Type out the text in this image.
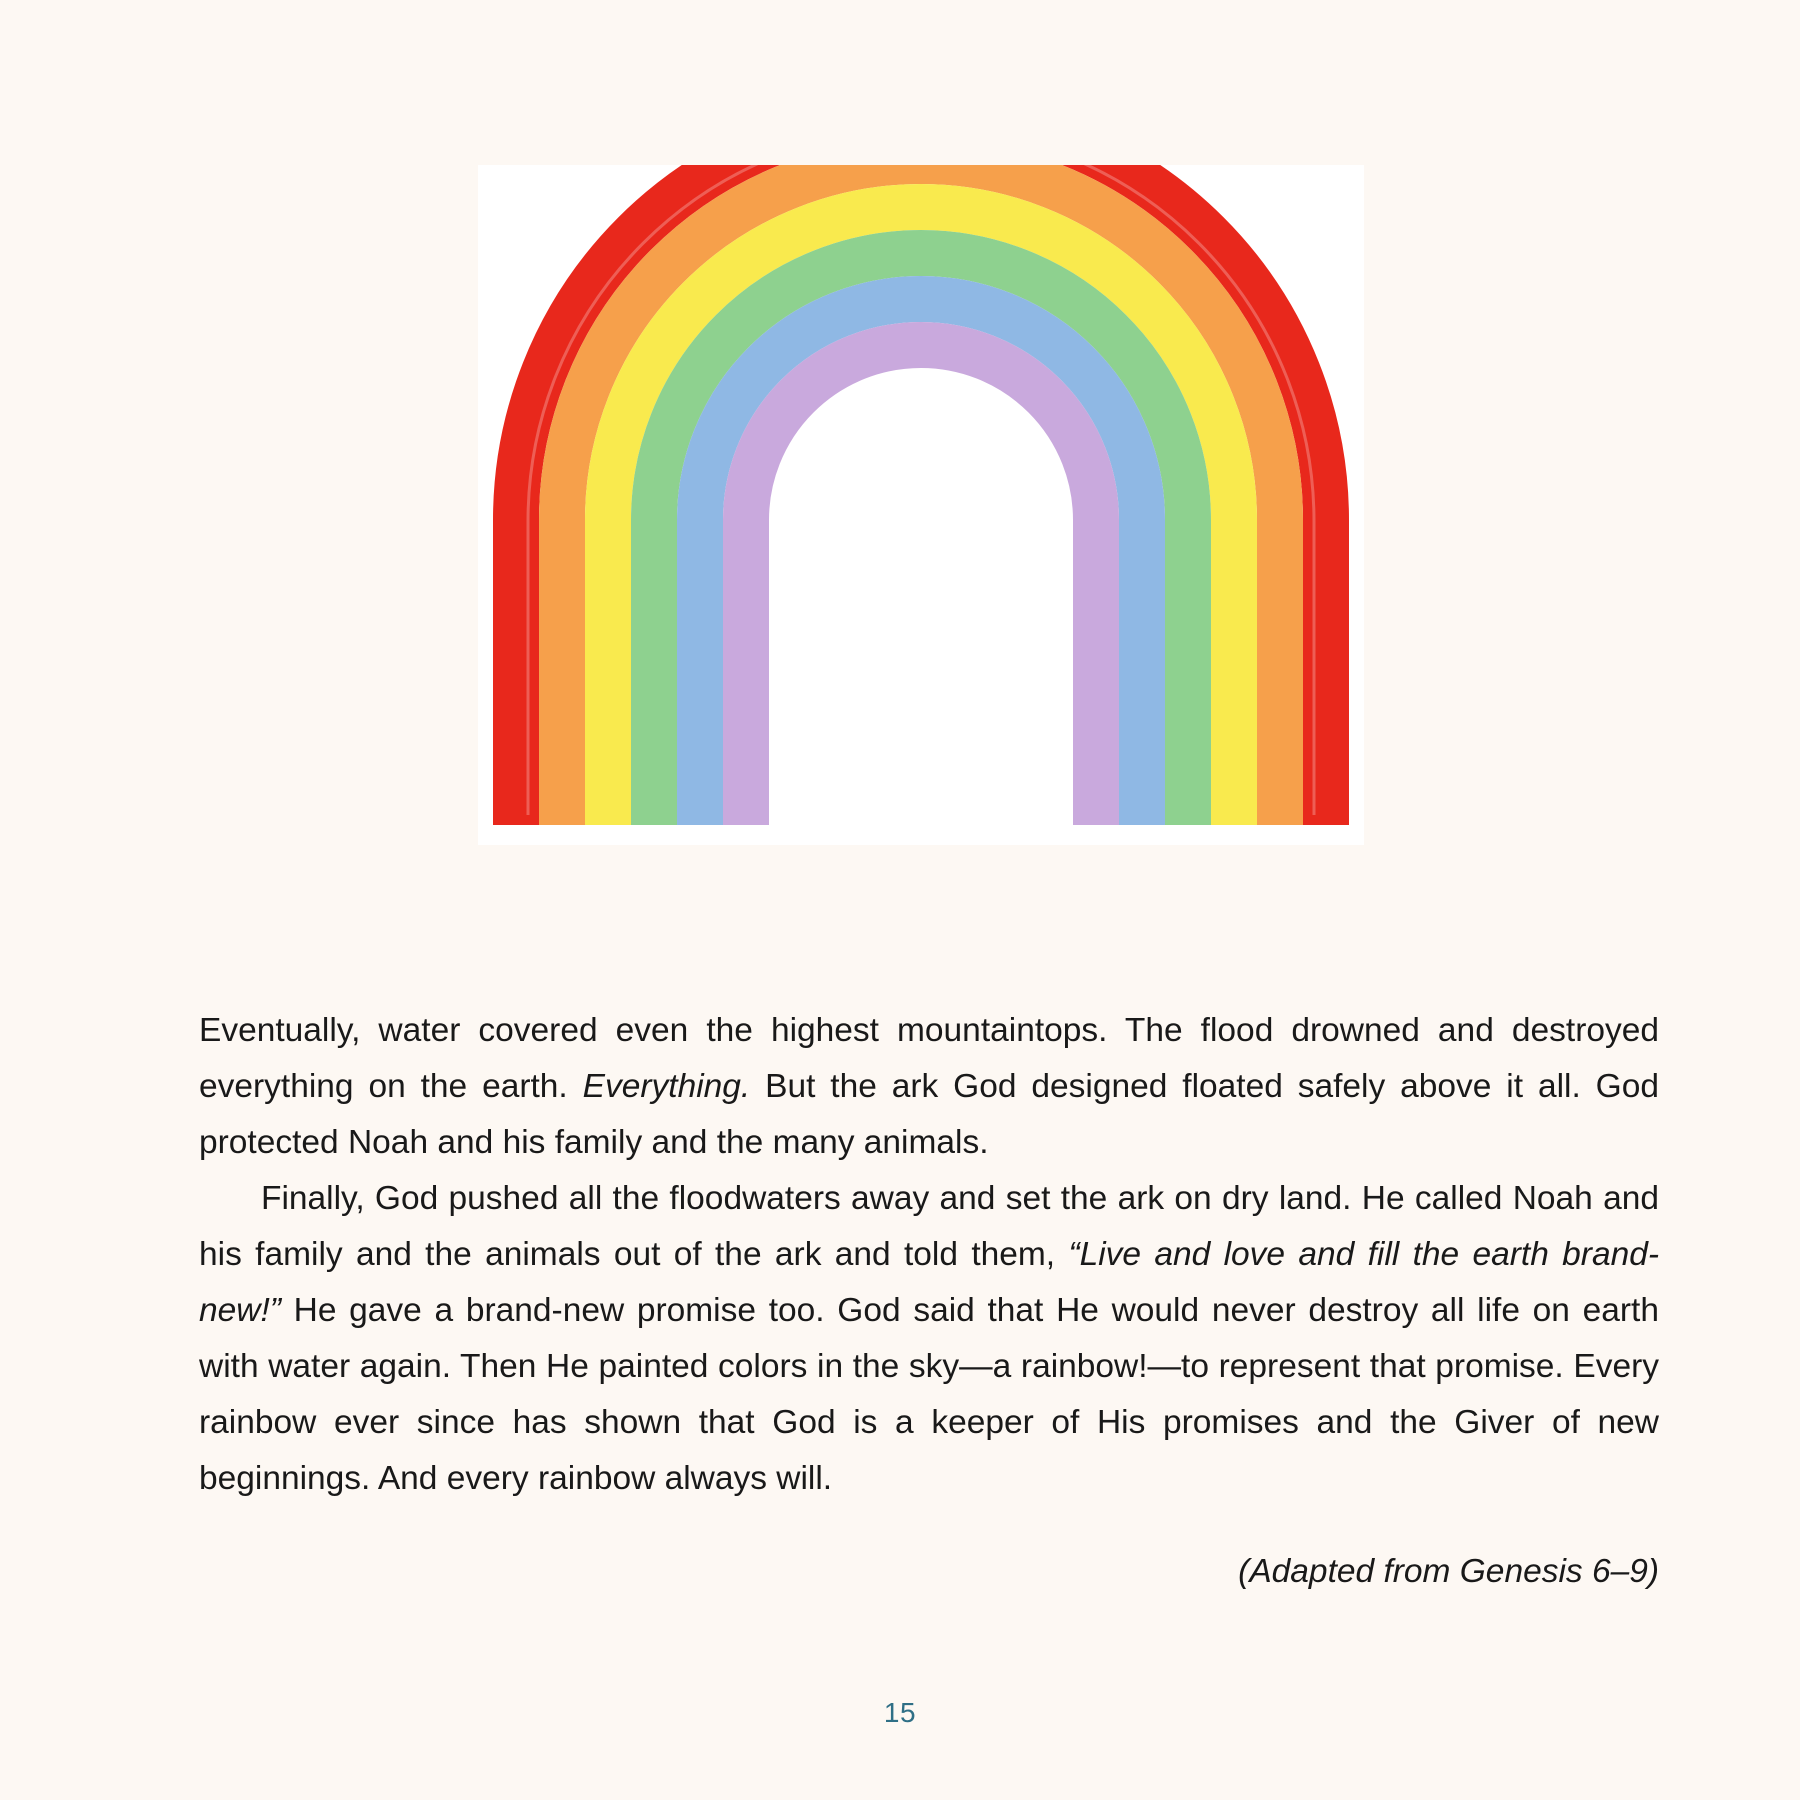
Eventually, water covered even the highest mountaintops. The flood drowned and destroyed everything on the earth. Everything. But the ark God designed floated safely above it all. God protected Noah and his family and the many animals.

Finally, God pushed all the floodwaters away and set the ark on dry land. He called Noah and his family and the animals out of the ark and told them, “Live and love and fill the earth brand-new!” He gave a brand-new promise too. God said that He would never destroy all life on earth with water again. Then He painted colors in the sky—a rainbow!—to represent that promise. Every rainbow ever since has shown that God is a keeper of His promises and the Giver of new beginnings. And every rainbow always will.

(Adapted from Genesis 6–9)
15
